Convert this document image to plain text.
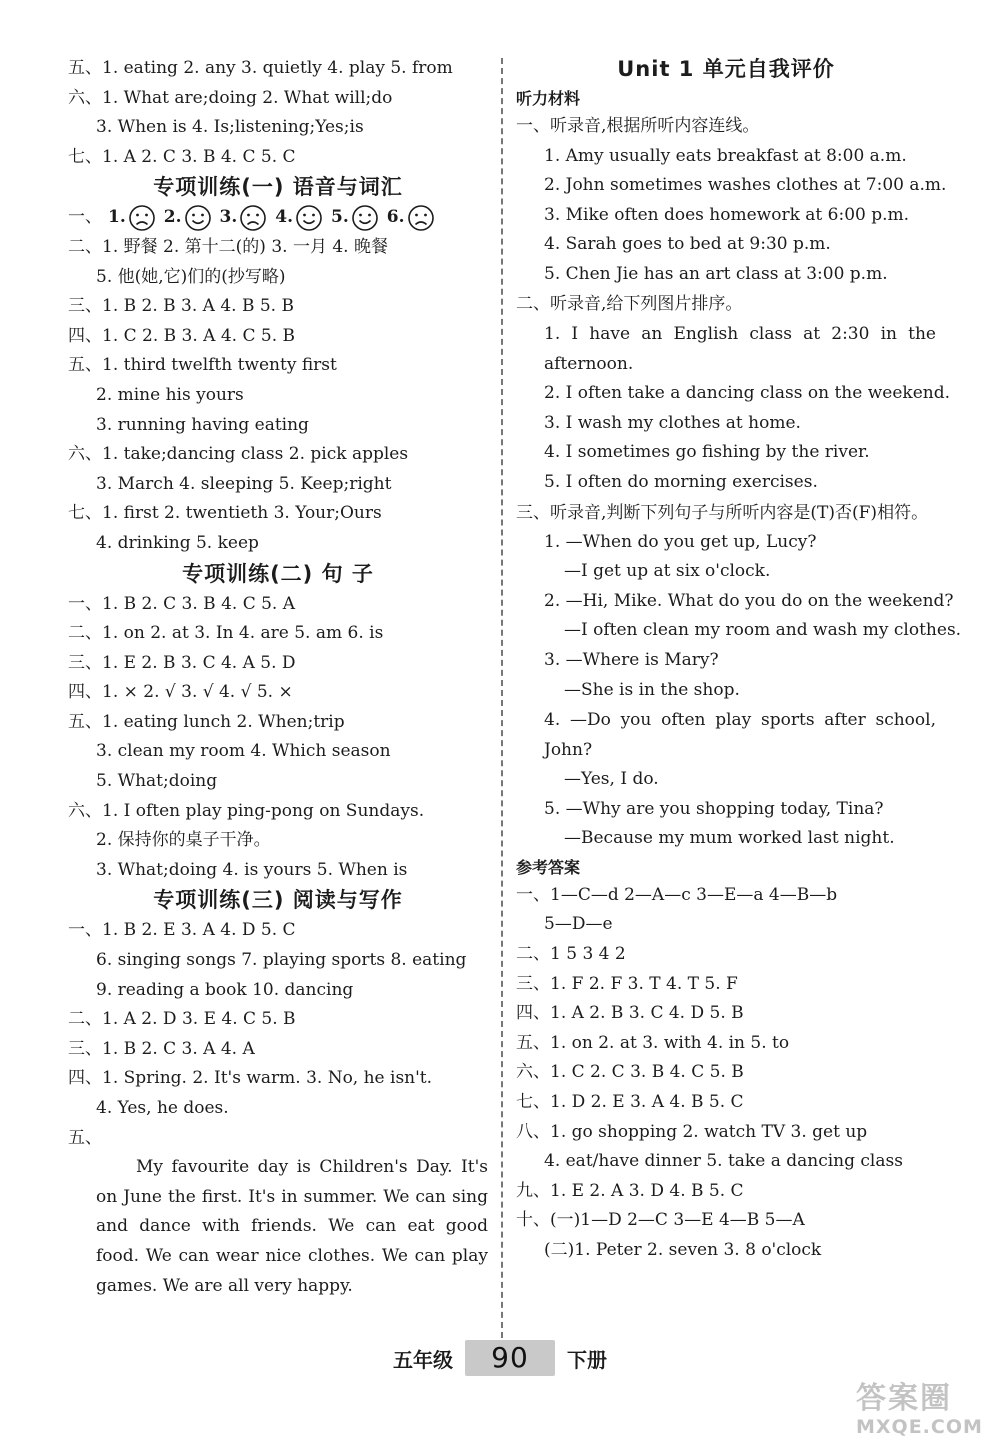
五、1. eating 2. any 3. quietly 4. play 5. from
六、1. What are;doing 2. What will;do
3. When is 4. Is;listening;Yes;is
七、1. A 2. C 3. B 4. C 5. C
专项训练(一) 语音与词汇
一、 1. 2. 3. 4. 5. 6.
二、1. 野餐 2. 第十二(的) 3. 一月 4. 晚餐
5. 他(她,它)们的(抄写略)
三、1. B 2. B 3. A 4. B 5. B
四、1. C 2. B 3. A 4. C 5. B
五、1. third twelfth twenty first
2. mine his yours
3. running having eating
六、1. take;dancing class 2. pick apples
3. March 4. sleeping 5. Keep;right
七、1. first 2. twentieth 3. Your;Ours
4. drinking 5. keep
专项训练(二) 句 子
一、1. B 2. C 3. B 4. C 5. A
二、1. on 2. at 3. In 4. are 5. am 6. is
三、1. E 2. B 3. C 4. A 5. D
四、1. × 2. √ 3. √ 4. √ 5. ×
五、1. eating lunch 2. When;trip
3. clean my room 4. Which season
5. What;doing
六、1. I often play ping-pong on Sundays.
2. 保持你的桌子干净。
3. What;doing 4. is yours 5. When is
专项训练(三) 阅读与写作
一、1. B 2. E 3. A 4. D 5. C
6. singing songs 7. playing sports 8. eating
9. reading a book 10. dancing
二、1. A 2. D 3. E 4. C 5. B
三、1. B 2. C 3. A 4. A
四、1. Spring. 2. It's warm. 3. No, he isn't.
4. Yes, he does.
五、
My favourite day is Children's Day. It's on June the first. It's in summer. We can sing and dance with friends. We can eat good food. We can wear nice clothes. We can play games. We are all very happy.
Unit 1 单元自我评价
听力材料
一、听录音,根据所听内容连线。
1. Amy usually eats breakfast at 8:00 a.m.
2. John sometimes washes clothes at 7:00 a.m.
3. Mike often does homework at 6:00 p.m.
4. Sarah goes to bed at 9:30 p.m.
5. Chen Jie has an art class at 3:00 p.m.
二、听录音,给下列图片排序。
1. I have an English class at 2:30 in the afternoon.
2. I often take a dancing class on the weekend.
3. I wash my clothes at home.
4. I sometimes go fishing by the river.
5. I often do morning exercises.
三、听录音,判断下列句子与所听内容是(T)否(F)相符。
1. —When do you get up, Lucy?
—I get up at six o'clock.
2. —Hi, Mike. What do you do on the weekend?
—I often clean my room and wash my clothes.
3. —Where is Mary?
—She is in the shop.
4. —Do you often play sports after school, John?
—Yes, I do.
5. —Why are you shopping today, Tina?
—Because my mum worked last night.
参考答案
一、1—C—d 2—A—c 3—E—a 4—B—b
5—D—e
二、1 5 3 4 2
三、1. F 2. F 3. T 4. T 5. F
四、1. A 2. B 3. C 4. D 5. B
五、1. on 2. at 3. with 4. in 5. to
六、1. C 2. C 3. B 4. C 5. B
七、1. D 2. E 3. A 4. B 5. C
八、1. go shopping 2. watch TV 3. get up
4. eat/have dinner 5. take a dancing class
九、1. E 2. A 3. D 4. B 5. C
十、(一)1—D 2—C 3—E 4—B 5—A
(二)1. Peter 2. seven 3. 8 o'clock
五年级	90	下册
答案圈
MXQE.COM
